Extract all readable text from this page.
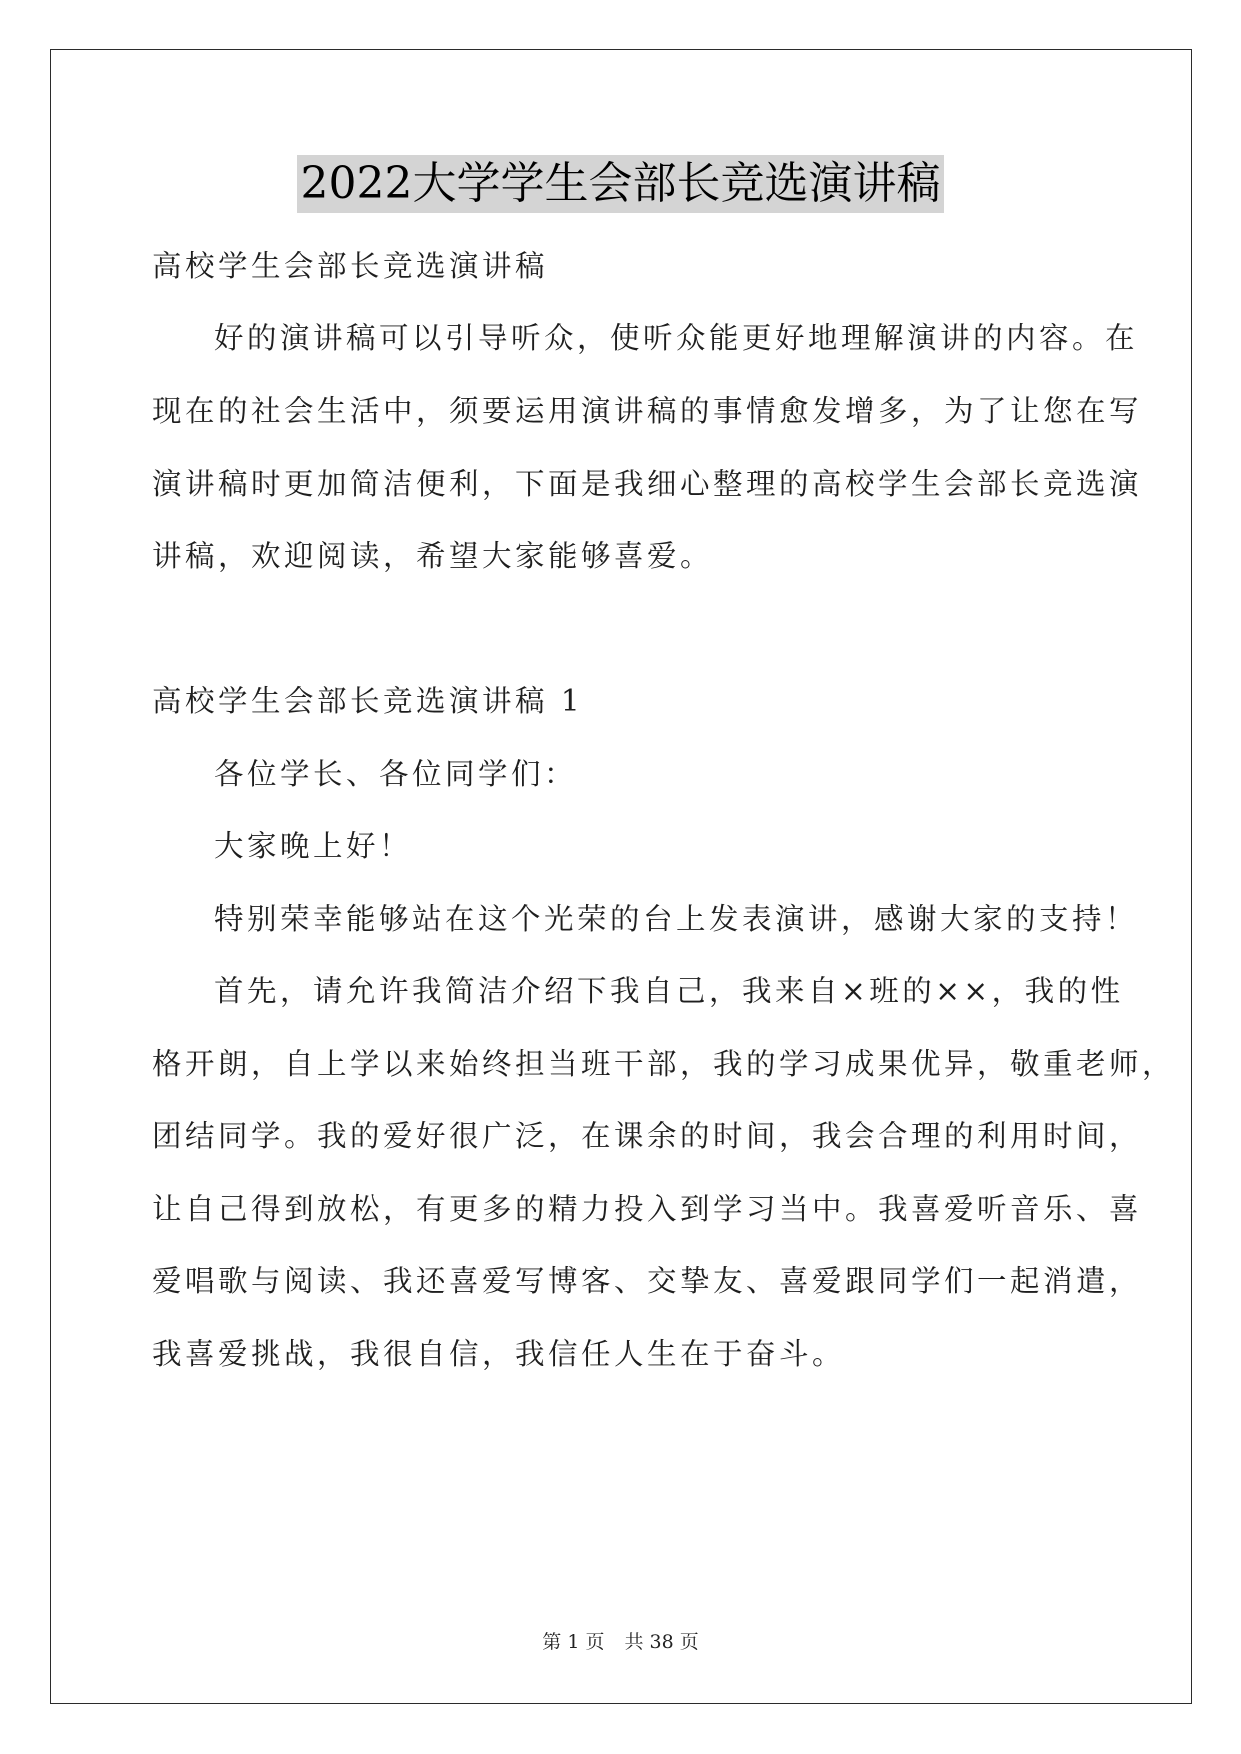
2022大学学生会部长竞选演讲稿
高校学生会部长竞选演讲稿
好的演讲稿可以引导听众，使听众能更好地理解演讲的内容。在
现在的社会生活中，须要运用演讲稿的事情愈发增多，为了让您在写
演讲稿时更加简洁便利，下面是我细心整理的高校学生会部长竞选演
讲稿，欢迎阅读，希望大家能够喜爱。
高校学生会部长竞选演讲稿 1
各位学长、各位同学们：
大家晚上好！
特别荣幸能够站在这个光荣的台上发表演讲，感谢大家的支持！
首先，请允许我简洁介绍下我自己，我来自×班的××，我的性
格开朗，自上学以来始终担当班干部，我的学习成果优异，敬重老师，
团结同学。我的爱好很广泛，在课余的时间，我会合理的利用时间，
让自己得到放松，有更多的精力投入到学习当中。我喜爱听音乐、喜
爱唱歌与阅读、我还喜爱写博客、交挚友、喜爱跟同学们一起消遣，
我喜爱挑战，我很自信，我信任人生在于奋斗。
第 1 页 共 38 页
